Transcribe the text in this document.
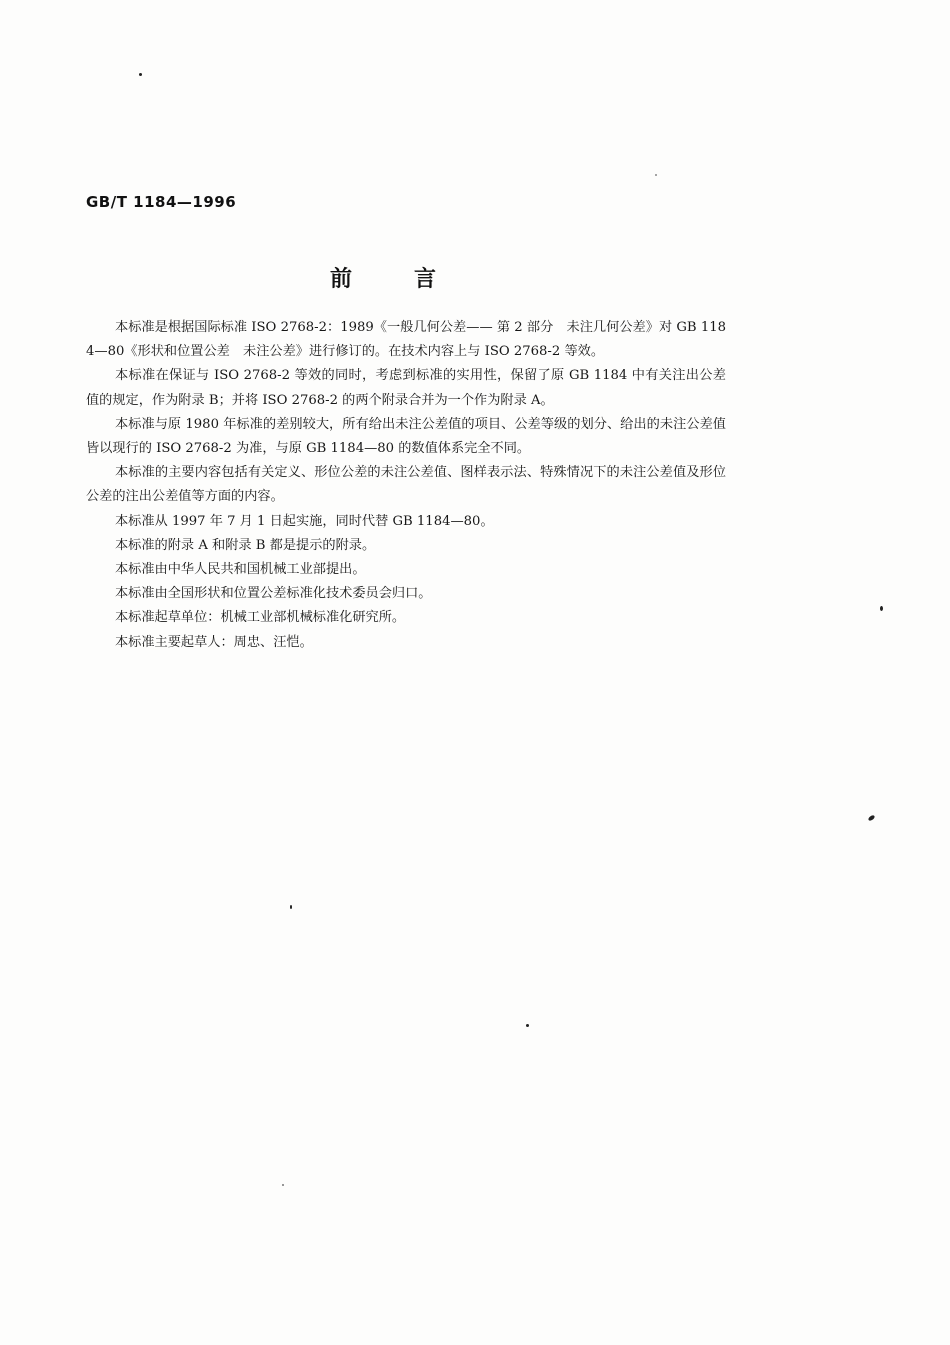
GB/T 1184—1996
前言

本标准是根据国际标准 ISO 2768-2：1989《一般几何公差—— 第 2 部分　未注几何公差》对 GB 1184—80《形状和位置公差　未注公差》进行修订的。在技术内容上与 ISO 2768-2 等效。

本标准在保证与 ISO 2768-2 等效的同时，考虑到标准的实用性，保留了原 GB 1184 中有关注出公差值的规定，作为附录 B；并将 ISO 2768-2 的两个附录合并为一个作为附录 A。

本标准与原 1980 年标准的差别较大，所有给出未注公差值的项目、公差等级的划分、给出的未注公差值皆以现行的 ISO 2768-2 为准，与原 GB 1184—80 的数值体系完全不同。

本标准的主要内容包括有关定义、形位公差的未注公差值、图样表示法、特殊情况下的未注公差值及形位公差的注出公差值等方面的内容。

本标准从 1997 年 7 月 1 日起实施，同时代替 GB 1184—80。

本标准的附录 A 和附录 B 都是提示的附录。

本标准由中华人民共和国机械工业部提出。

本标准由全国形状和位置公差标准化技术委员会归口。

本标准起草单位：机械工业部机械标准化研究所。

本标准主要起草人：周忠、汪恺。
